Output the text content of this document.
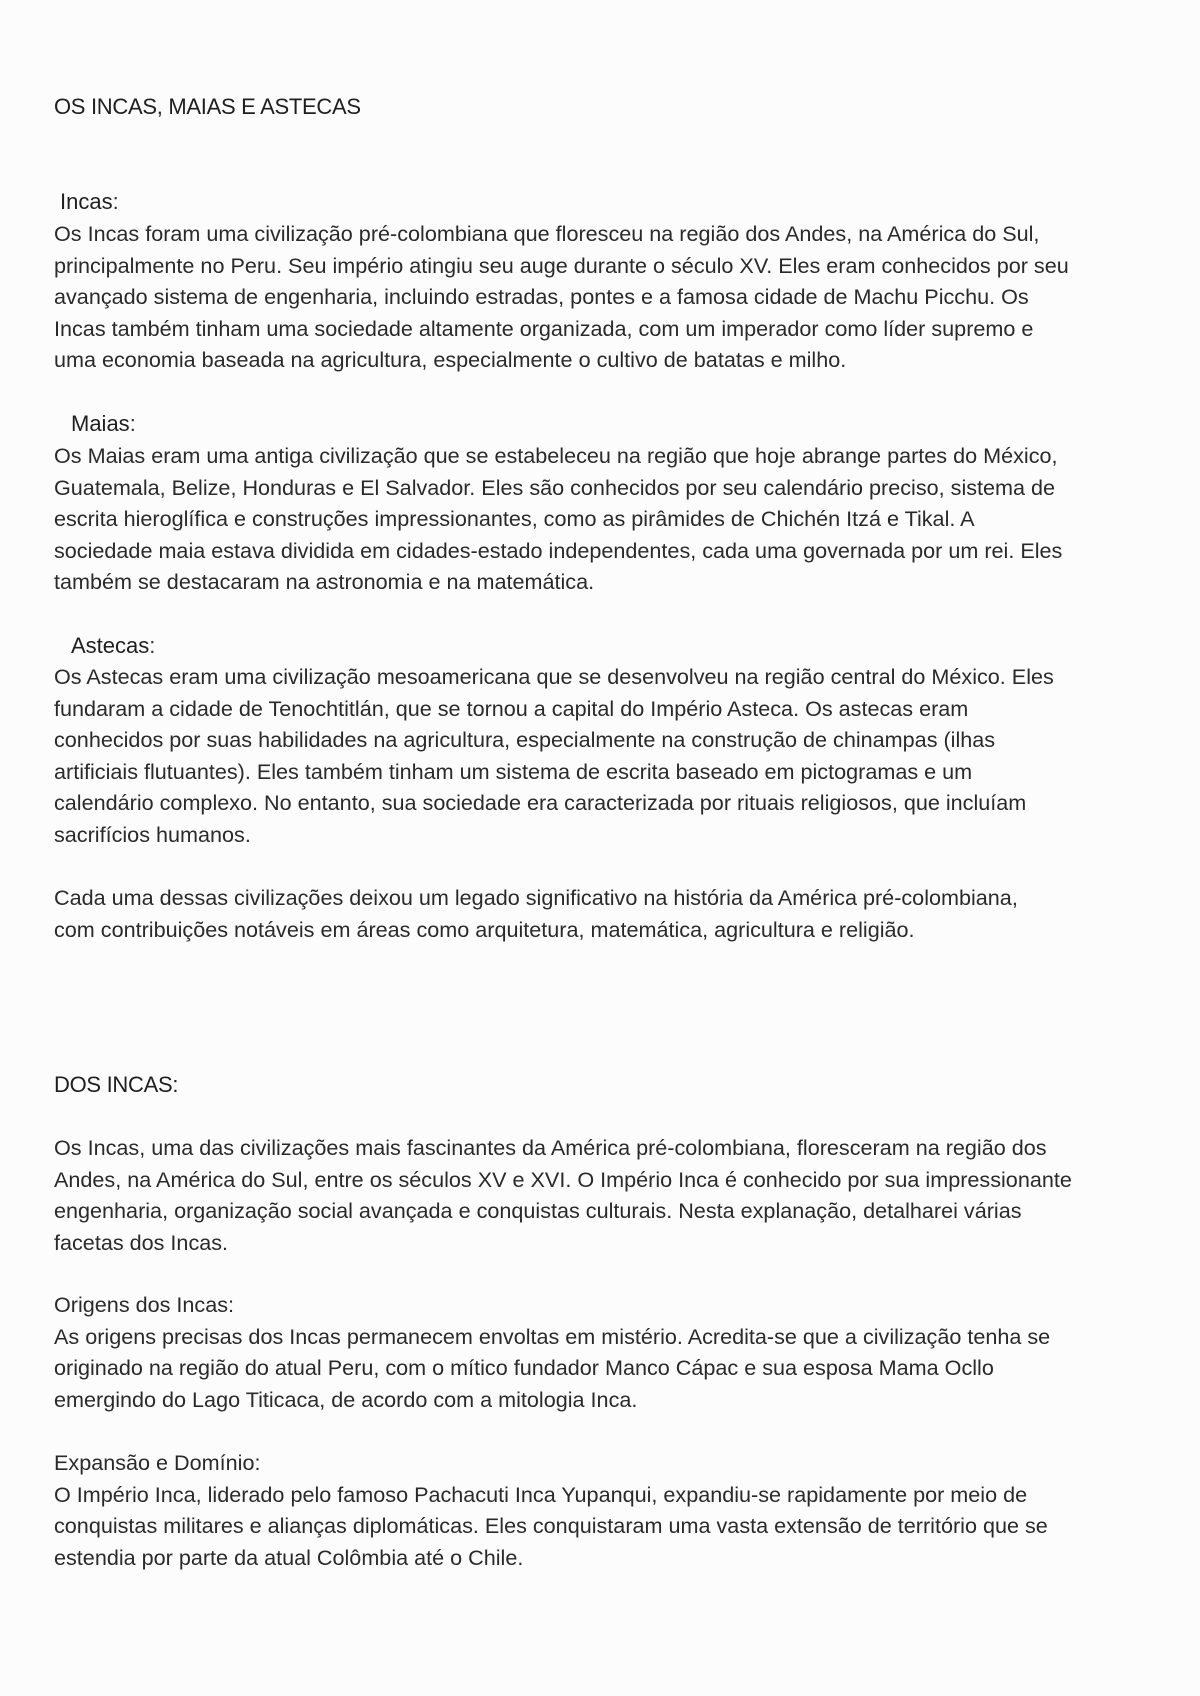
OS INCAS, MAIAS E ASTECAS
Incas:
Os Incas foram uma civilização pré-colombiana que floresceu na região dos Andes, na América do Sul,
principalmente no Peru. Seu império atingiu seu auge durante o século XV. Eles eram conhecidos por seu
avançado sistema de engenharia, incluindo estradas, pontes e a famosa cidade de Machu Picchu. Os
Incas também tinham uma sociedade altamente organizada, com um imperador como líder supremo e
uma economia baseada na agricultura, especialmente o cultivo de batatas e milho.
Maias:
Os Maias eram uma antiga civilização que se estabeleceu na região que hoje abrange partes do México,
Guatemala, Belize, Honduras e El Salvador. Eles são conhecidos por seu calendário preciso, sistema de
escrita hieroglífica e construções impressionantes, como as pirâmides de Chichén Itzá e Tikal. A
sociedade maia estava dividida em cidades-estado independentes, cada uma governada por um rei. Eles
também se destacaram na astronomia e na matemática.
Astecas:
Os Astecas eram uma civilização mesoamericana que se desenvolveu na região central do México. Eles
fundaram a cidade de Tenochtitlán, que se tornou a capital do Império Asteca. Os astecas eram
conhecidos por suas habilidades na agricultura, especialmente na construção de chinampas (ilhas
artificiais flutuantes). Eles também tinham um sistema de escrita baseado em pictogramas e um
calendário complexo. No entanto, sua sociedade era caracterizada por rituais religiosos, que incluíam
sacrifícios humanos.
Cada uma dessas civilizações deixou um legado significativo na história da América pré-colombiana,
com contribuições notáveis em áreas como arquitetura, matemática, agricultura e religião.
DOS INCAS:
Os Incas, uma das civilizações mais fascinantes da América pré-colombiana, floresceram na região dos
Andes, na América do Sul, entre os séculos XV e XVI. O Império Inca é conhecido por sua impressionante
engenharia, organização social avançada e conquistas culturais. Nesta explanação, detalharei várias
facetas dos Incas.
Origens dos Incas:
As origens precisas dos Incas permanecem envoltas em mistério. Acredita-se que a civilização tenha se
originado na região do atual Peru, com o mítico fundador Manco Cápac e sua esposa Mama Ocllo
emergindo do Lago Titicaca, de acordo com a mitologia Inca.
Expansão e Domínio:
O Império Inca, liderado pelo famoso Pachacuti Inca Yupanqui, expandiu-se rapidamente por meio de
conquistas militares e alianças diplomáticas. Eles conquistaram uma vasta extensão de território que se
estendia por parte da atual Colômbia até o Chile.
